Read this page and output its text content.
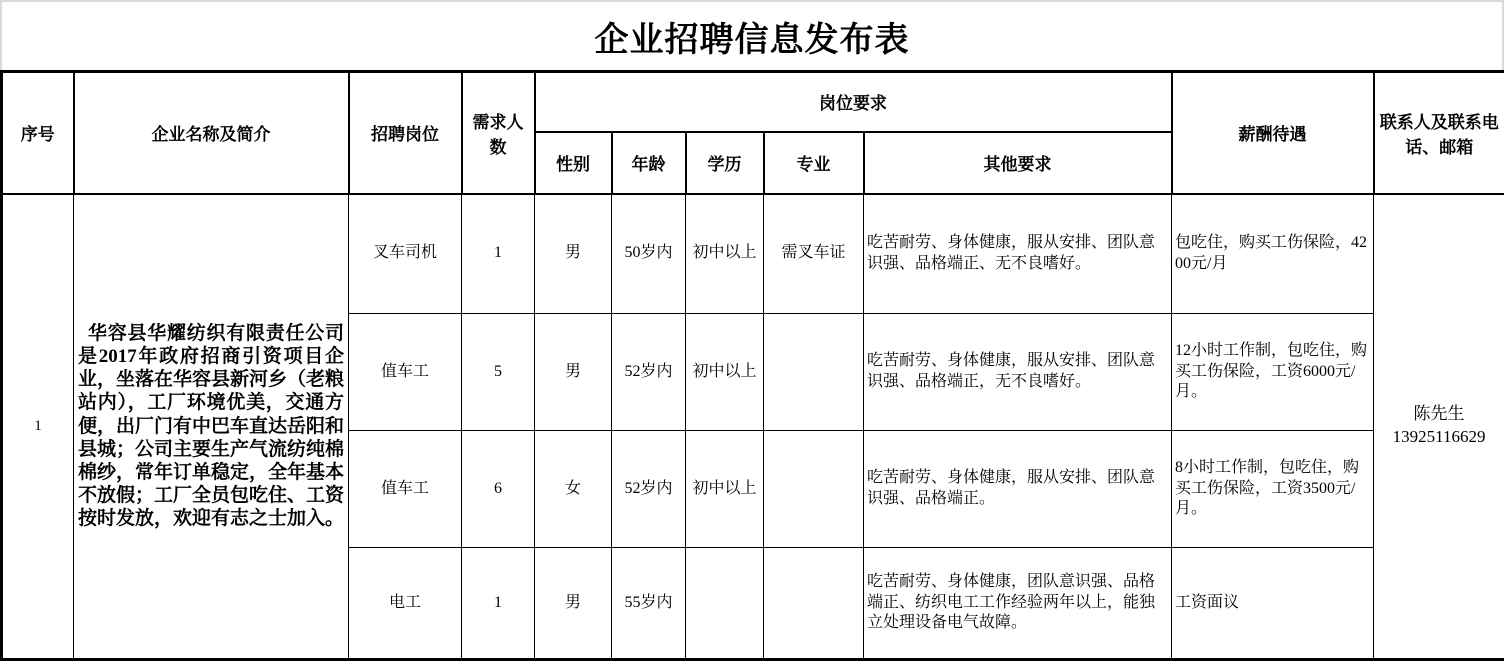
企业招聘信息发布表
序号	企业名称及简介	招聘岗位	需求人数	岗位要求					薪酬待遇	联系人及联系电话、邮箱
				性别	年龄	学历	专业	其他要求		
1	华容县华耀纺织有限责任公司是2017年政府招商引资项目企业，坐落在华容县新河乡（老粮站内），工厂环境优美，交通方便，出厂门有中巴车直达岳阳和县城；公司主要生产气流纺纯棉棉纱，常年订单稳定，全年基本不放假；工厂全员包吃住、工资按时发放，欢迎有志之士加入。	叉车司机	1	男	50岁内	初中以上	需叉车证	吃苦耐劳、身体健康，服从安排、团队意识强、品格端正、无不良嗜好。	包吃住，购买工伤保险，4200元/月	陈先生
13925116629

		值车工	5	男	52岁内	初中以上		吃苦耐劳、身体健康，服从安排、团队意识强、品格端正，无不良嗜好。	12小时工作制，包吃住，购买工伤保险，工资6000元/月。	
		值车工	6	女	52岁内	初中以上		吃苦耐劳、身体健康，服从安排、团队意识强、品格端正。	8小时工作制，包吃住，购买工伤保险，工资3500元/月。	
		电工	1	男	55岁内			吃苦耐劳、身体健康，团队意识强、品格端正、纺织电工工作经验两年以上，能独立处理设备电气故障。	工资面议	
